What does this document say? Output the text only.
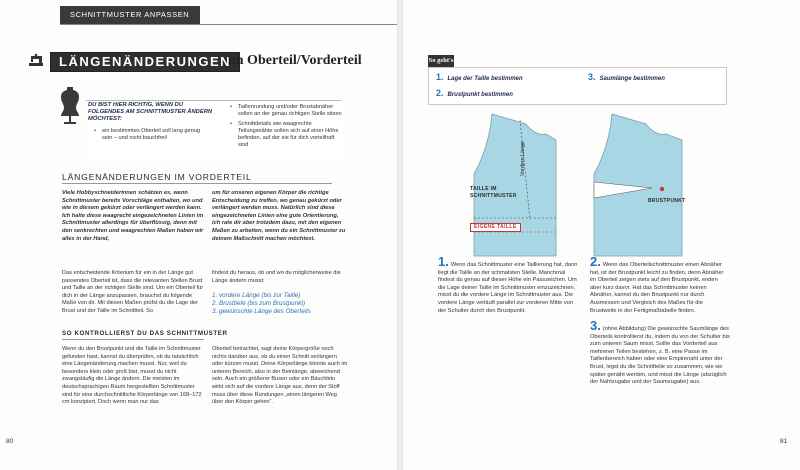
SCHNITTMUSTER ANPASSEN
LÄNGENÄNDERUNGEN
im Oberteil/Vorderteil
DU BIST HIER RICHTIG, WENN DU FOLGENDES AM SCHNITTMUSTER ÄNDERN MÖCHTEST:
• ein bestimmtes Oberteil soll lang genug sein – und nicht bauchfrei!
• Taillenrundung und/oder Brustabnäher sollen an der genau richtigen Stelle sitzen
• Schnittdetails wie waagrechte Teilungsnähte sollen sich auf einer Höhe befinden, auf der sie für dich vorteilhaft sind
LÄNGENÄNDERUNGEN IM VORDERTEIL

Viele Hobbyschneiderinnen schätzen es, wenn Schnittmuster bereits Vorschläge enthalten, wo und wie in diesem gekürzt oder verlängert werden kann. Ich halte diese waagrecht eingezeichneten Linien im Schnittmuster allerdings für überflüssig, denn mit den senkrechten und waagrechten Maßen haben wir alles in der Hand,

um für unseren eigenen Körper die richtige Entscheidung zu treffen, wo genau gekürzt oder verlängert werden muss. Natürlich sind diese eingezeichneten Linien eine gute Orientierung, ich rate dir aber trotzdem dazu, mit den eigenen Maßen zu arbeiten, wenn du ein Schnittmuster zu deinem Maßschnitt machen möchtest.

Das entscheidende Kriterium für ein in der Länge gut passendes Oberteil ist, dass die relevanten Stellen Brust und Taille an der richtigen Stelle sind. Um ein Oberteil für dich in der Länge anzupassen, brauchst du folgende Maße von dir. Mit diesen Maßen prüfst du die Lage der Brust und der Taille im Schnittteil. So

findest du heraus, ob und wo du möglicherweise die Länge ändern musst:

1. vordere Länge (bis zur Taille)
2. Brusttiefe (bis zum Brustpunkt)
3. gewünschte Länge des Oberteils
SO KONTROLLIERST DU DAS SCHNITTMUSTER

Wenn du den Brustpunkt und die Taille im Schnittmuster gefunden hast, kannst du überprüfen, ob du tatsächlich eine Längenänderung machen musst. Nur, weil du besonders klein oder groß bist, musst du nicht zwangsläufig die Länge ändern. Die meisten im deutschsprachigen Raum hergestellten Schnittmuster sind für eine durchschnittliche Körperlänge von 168–172 cm konzipiert. Doch wenn man nur das

Oberteil betrachtet, sagt deine Körpergröße noch nichts darüber aus, ob du einen Schnitt verlängern oder kürzen musst. Deine Körperlänge könnte auch im unteren Bereich, also in der Beinlänge, abweichend sein. Auch ein größerer Busen oder ein Bäuchlein wirkt sich auf die vordere Länge aus, denn der Stoff muss über diese Rundungen „einen längeren Weg über den Körper gehen“.

80
So geht's
1. Lage der Taille bestimmen
2. Brustpunkt bestimmen
3. Saumlänge bestimmen
Vordere Länge
TAILLE IM SCHNITTMUSTER
EIGENE TAILLE
BRUSTPUNKT

1. Wenn das Schnittmuster eine Taillierung hat, dann liegt die Taille an der schmalsten Stelle. Manchmal findest du genau auf dieser Höhe ein Passzeichen. Um die Lage deiner Taille im Schnittmuster einzuzeichnen, misst du die vordere Länge im Schnittmuster aus. Die vordere Länge verläuft parallel zur vorderen Mitte von der Schulter durch den Brustpunkt.

2. Wenn das Oberteilschnittmuster einen Abnäher hat, ist der Brustpunkt leicht zu finden, denn Abnäher im Oberteil zeigen stets auf den Brustpunkt, enden aber kurz davor. Hat das Schnittmuster keinen Abnäher, kannst du den Brustpunkt nur durch Ausmessen und Vergleich des Maßes für die Brustweite in der Fertigmaßtabelle finden.

3. (ohne Abbildung) Die gewünschte Saumlänge des Oberteils kontrollierst du, indem du von der Schulter bis zum unteren Saum misst. Sollte das Vorderteil aus mehreren Teilen bestehen, z. B. eine Passe im Taillenbereich haben oder eine Empirenaht unter der Brust, legst du die Schnittteile so zusammen, wie sie später genäht werden, und misst die Länge (abzüglich der Nahtzugabe und der Saumzugabe) aus.

81
